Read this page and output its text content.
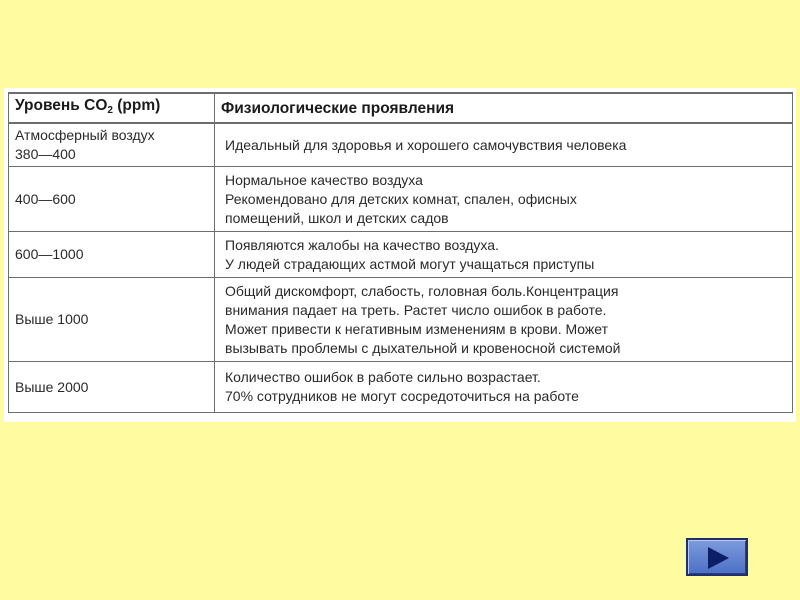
Уровень $CO_2$ (ppm)	Физиологические проявления

Атмосферный воздух
380—400	Идеальный для здоровья и хорошего самочувствия человека

400—600	Нормальное качество воздуха
Рекомендовано для детских комнат, спален, офисных
помещений, школ и детских садов

600—1000	Появляются жалобы на качество воздуха.
У людей страдающих астмой могут учащаться приступы

Выше 1000	Общий дискомфорт, слабость, головная боль.Концентрация
внимания падает на треть. Растет число ошибок в работе.
Может привести к негативным изменениям в крови. Может
вызывать проблемы с дыхательной и кровеносной системой

Выше 2000	Количество ошибок в работе сильно возрастает.
70% сотрудников не могут сосредоточиться на работе
